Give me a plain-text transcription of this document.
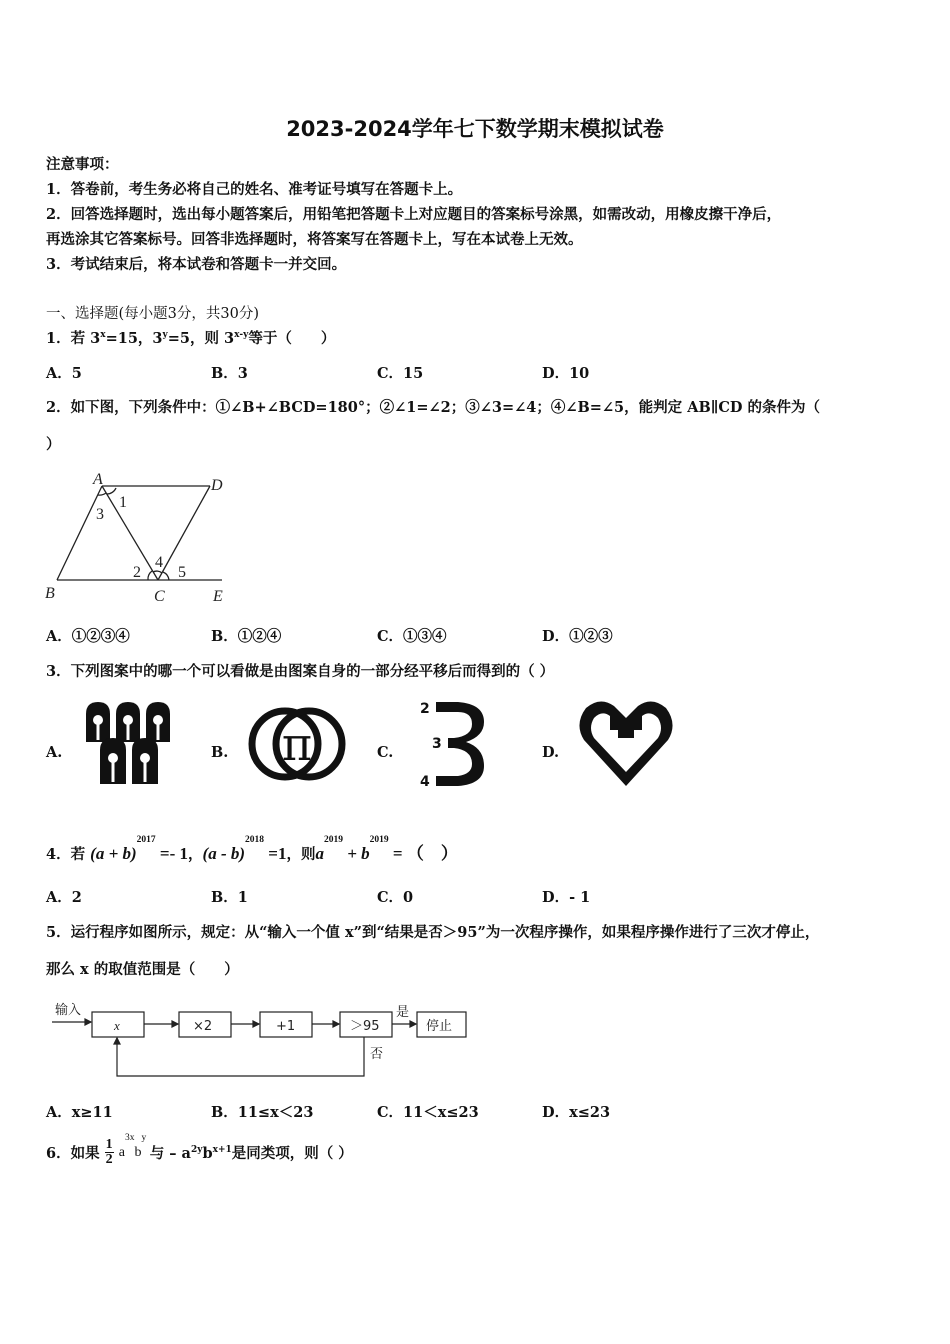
2023-2024学年七下数学期末模拟试卷
注意事项：
1．答卷前，考生务必将自己的姓名、准考证号填写在答题卡上。
2．回答选择题时，选出每小题答案后，用铅笔把答题卡上对应题目的答案标号涂黑，如需改动，用橡皮擦干净后，
再选涂其它答案标号。回答非选择题时，将答案写在答题卡上，写在本试卷上无效。
3．考试结束后，将本试卷和答题卡一并交回。
一、选择题(每小题3分，共30分)
1．若 $3^x=15$，$3^y=5$，则 3$^{x-y}$等于（　　）
A．5	B．3	C．15	D．10
2．如下图，下列条件中：①∠B+∠BCD=180°；②∠1=∠2；③∠3=∠4；④∠B=∠5，能判定 AB∥CD 的条件为（
）
A	D
1
3
4
2 5
B	C	E
A．①②③④	B．①②④	C．①③④	D．①②③
3．下列图案中的哪一个可以看做是由图案自身的一部分经平移后而得到的（ ）
A.	B.	C.	D.
π
2
3
4
4．若 $(a + b)^{2017} =- 1$，(a - b)$^{2018}$ =1，则$a^{2019} + b^{2019}$ = （　）
A．2	B．1	C．0	D．- 1
5．运行程序如图所示，规定：从“输入一个值 x”到“结果是否＞95”为一次程序操作，如果程序操作进行了三次才停止，
那么 x 的取值范围是（　　）
输入
x	×2	+1	＞95
是
停止
否
A．x≥11	B．11≤x＜23	C．11＜x≤23	D．x≤23
6．如果 $\frac{1}{2} a^{3x}b^y$ 与 – $a^{2y}b^{x+1}$是同类项，则（ ）
